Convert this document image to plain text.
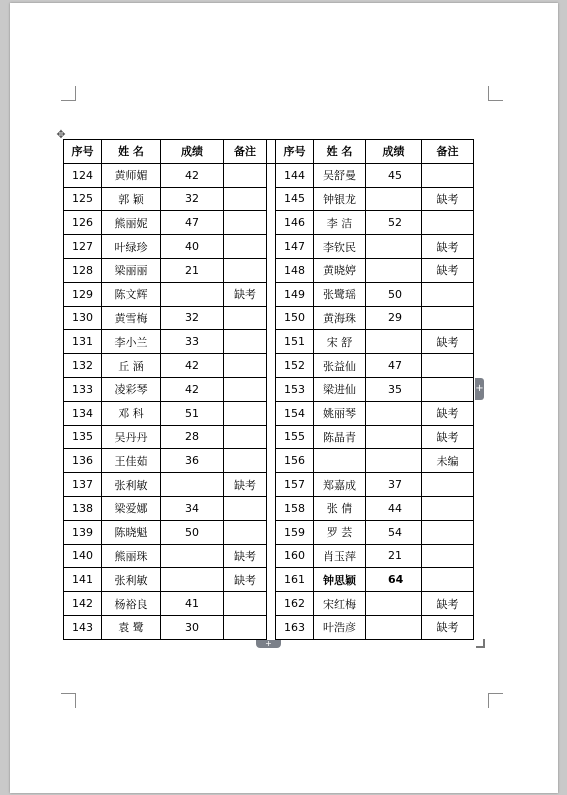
✥
+
+
序号	姓 名	成绩	备注		序号	姓 名	成绩	备注
124	黄师媚	42			144	吴舒曼	45	
125	郭 颖	32			145	钟银龙		缺考
126	熊丽妮	47			146	李 洁	52	
127	叶绿珍	40			147	李钦民		缺考
128	梁丽丽	21			148	黄晓婷		缺考
129	陈文辉		缺考		149	张鹭瑶	50	
130	黄雪梅	32			150	黄海珠	29	
131	李小兰	33			151	宋 舒		缺考
132	丘 涵	42			152	张益仙	47	
133	凌彩琴	42			153	梁进仙	35	
134	邓 科	51			154	姚丽琴		缺考
135	吴丹丹	28			155	陈晶青		缺考
136	王佳茹	36			156			未编
137	张利敏		缺考		157	郑嘉成	37	
138	梁爱娜	34			158	张 倩	44	
139	陈晓魁	50			159	罗 芸	54	
140	熊丽珠		缺考		160	肖玉萍	21	
141	张利敏		缺考		161	钟思颖	64	
142	杨裕良	41			162	宋红梅		缺考
143	袁 鹭	30			163	叶浩彦		缺考
